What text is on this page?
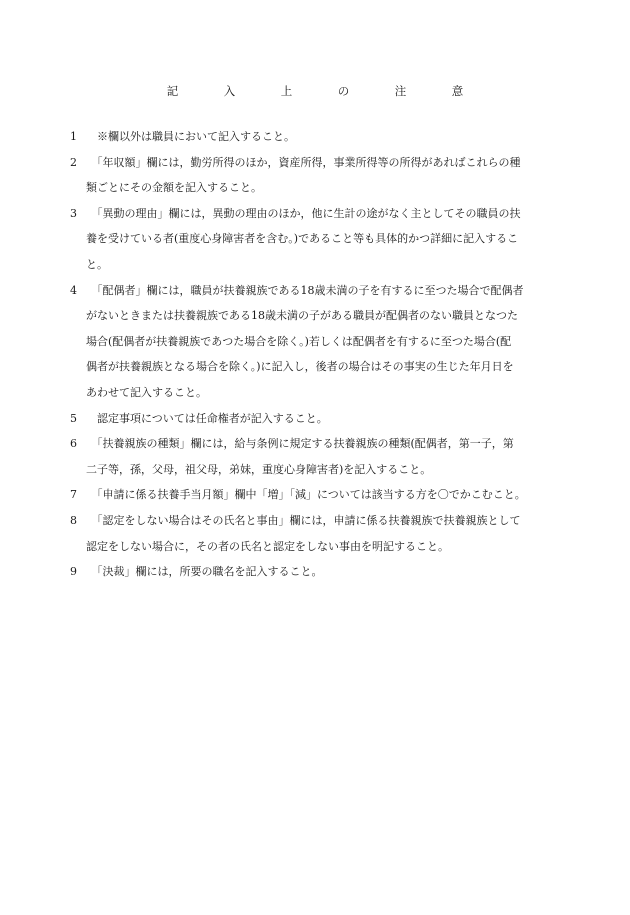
記　入　上　の　注　意
1 　※欄以外は職員において記入すること。
2 　「年収額」欄には，勤労所得のほか，資産所得，事業所得等の所得があればこれらの種
類ごとにその金額を記入すること。
3 　「異動の理由」欄には，異動の理由のほか，他に生計の途がなく主としてその職員の扶
養を受けている者(重度心身障害者を含む。)であること等も具体的かつ詳細に記入するこ
と。
4 　「配偶者」欄には，職員が扶養親族である18歳未満の子を有するに至つた場合で配偶者
がないときまたは扶養親族である18歳未満の子がある職員が配偶者のない職員となつた
場合(配偶者が扶養親族であつた場合を除く。)若しくは配偶者を有するに至つた場合(配
偶者が扶養親族となる場合を除く。)に記入し，後者の場合はその事実の生じた年月日を
あわせて記入すること。
5 　認定事項については任命権者が記入すること。
6 　「扶養親族の種類」欄には，給与条例に規定する扶養親族の種類(配偶者，第一子，第
二子等，孫，父母，祖父母，弟妹，重度心身障害者)を記入すること。
7 　「申請に係る扶養手当月額」欄中「増」「減」については該当する方を〇でかこむこと。
8 　「認定をしない場合はその氏名と事由」欄には，申請に係る扶養親族で扶養親族として
認定をしない場合に，その者の氏名と認定をしない事由を明記すること。
9 　「決裁」欄には，所要の職名を記入すること。
